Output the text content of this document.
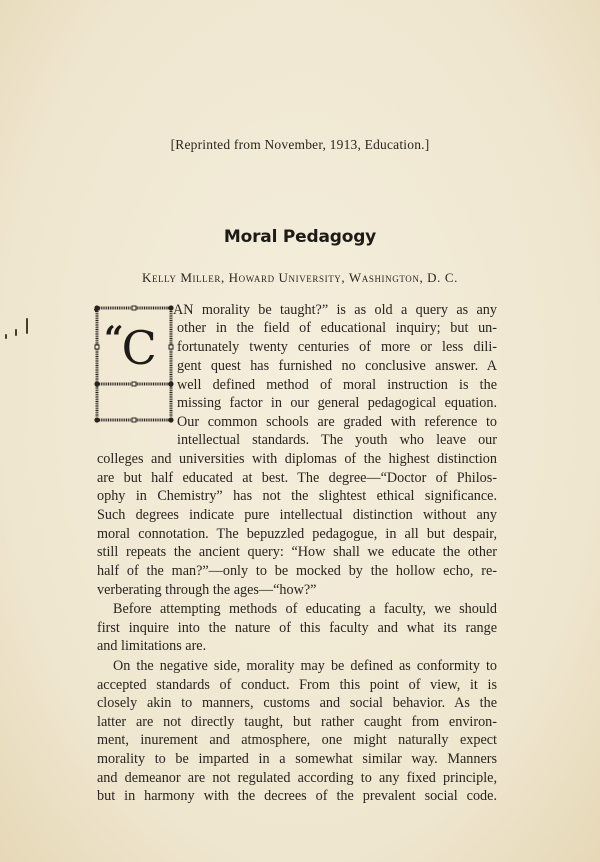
[Reprinted from November, 1913, Education.]
Moral Pedagogy
Kelly Miller, Howard University, Washington, D. C.
“C
AN morality be taught?” is as old a query as any
other in the field of educational inquiry; but un-
fortunately twenty centuries of more or less dili-
gent quest has furnished no conclusive answer. A
well defined method of moral instruction is the
missing factor in our general pedagogical equation.
Our common schools are graded with reference to
intellectual standards. The youth who leave our
colleges and universities with diplomas of the highest distinction
are but half educated at best. The degree—“Doctor of Philos-
ophy in Chemistry” has not the slightest ethical significance.
Such degrees indicate pure intellectual distinction without any
moral connotation. The bepuzzled pedagogue, in all but despair,
still repeats the ancient query: “How shall we educate the other
half of the man?”—only to be mocked by the hollow echo, re-
verberating through the ages—“how?”
Before attempting methods of educating a faculty, we should
first inquire into the nature of this faculty and what its range
and limitations are.
On the negative side, morality may be defined as conformity to
accepted standards of conduct. From this point of view, it is
closely akin to manners, customs and social behavior. As the
latter are not directly taught, but rather caught from environ-
ment, inurement and atmosphere, one might naturally expect
morality to be imparted in a somewhat similar way. Manners
and demeanor are not regulated according to any fixed principle,
but in harmony with the decrees of the prevalent social code.
